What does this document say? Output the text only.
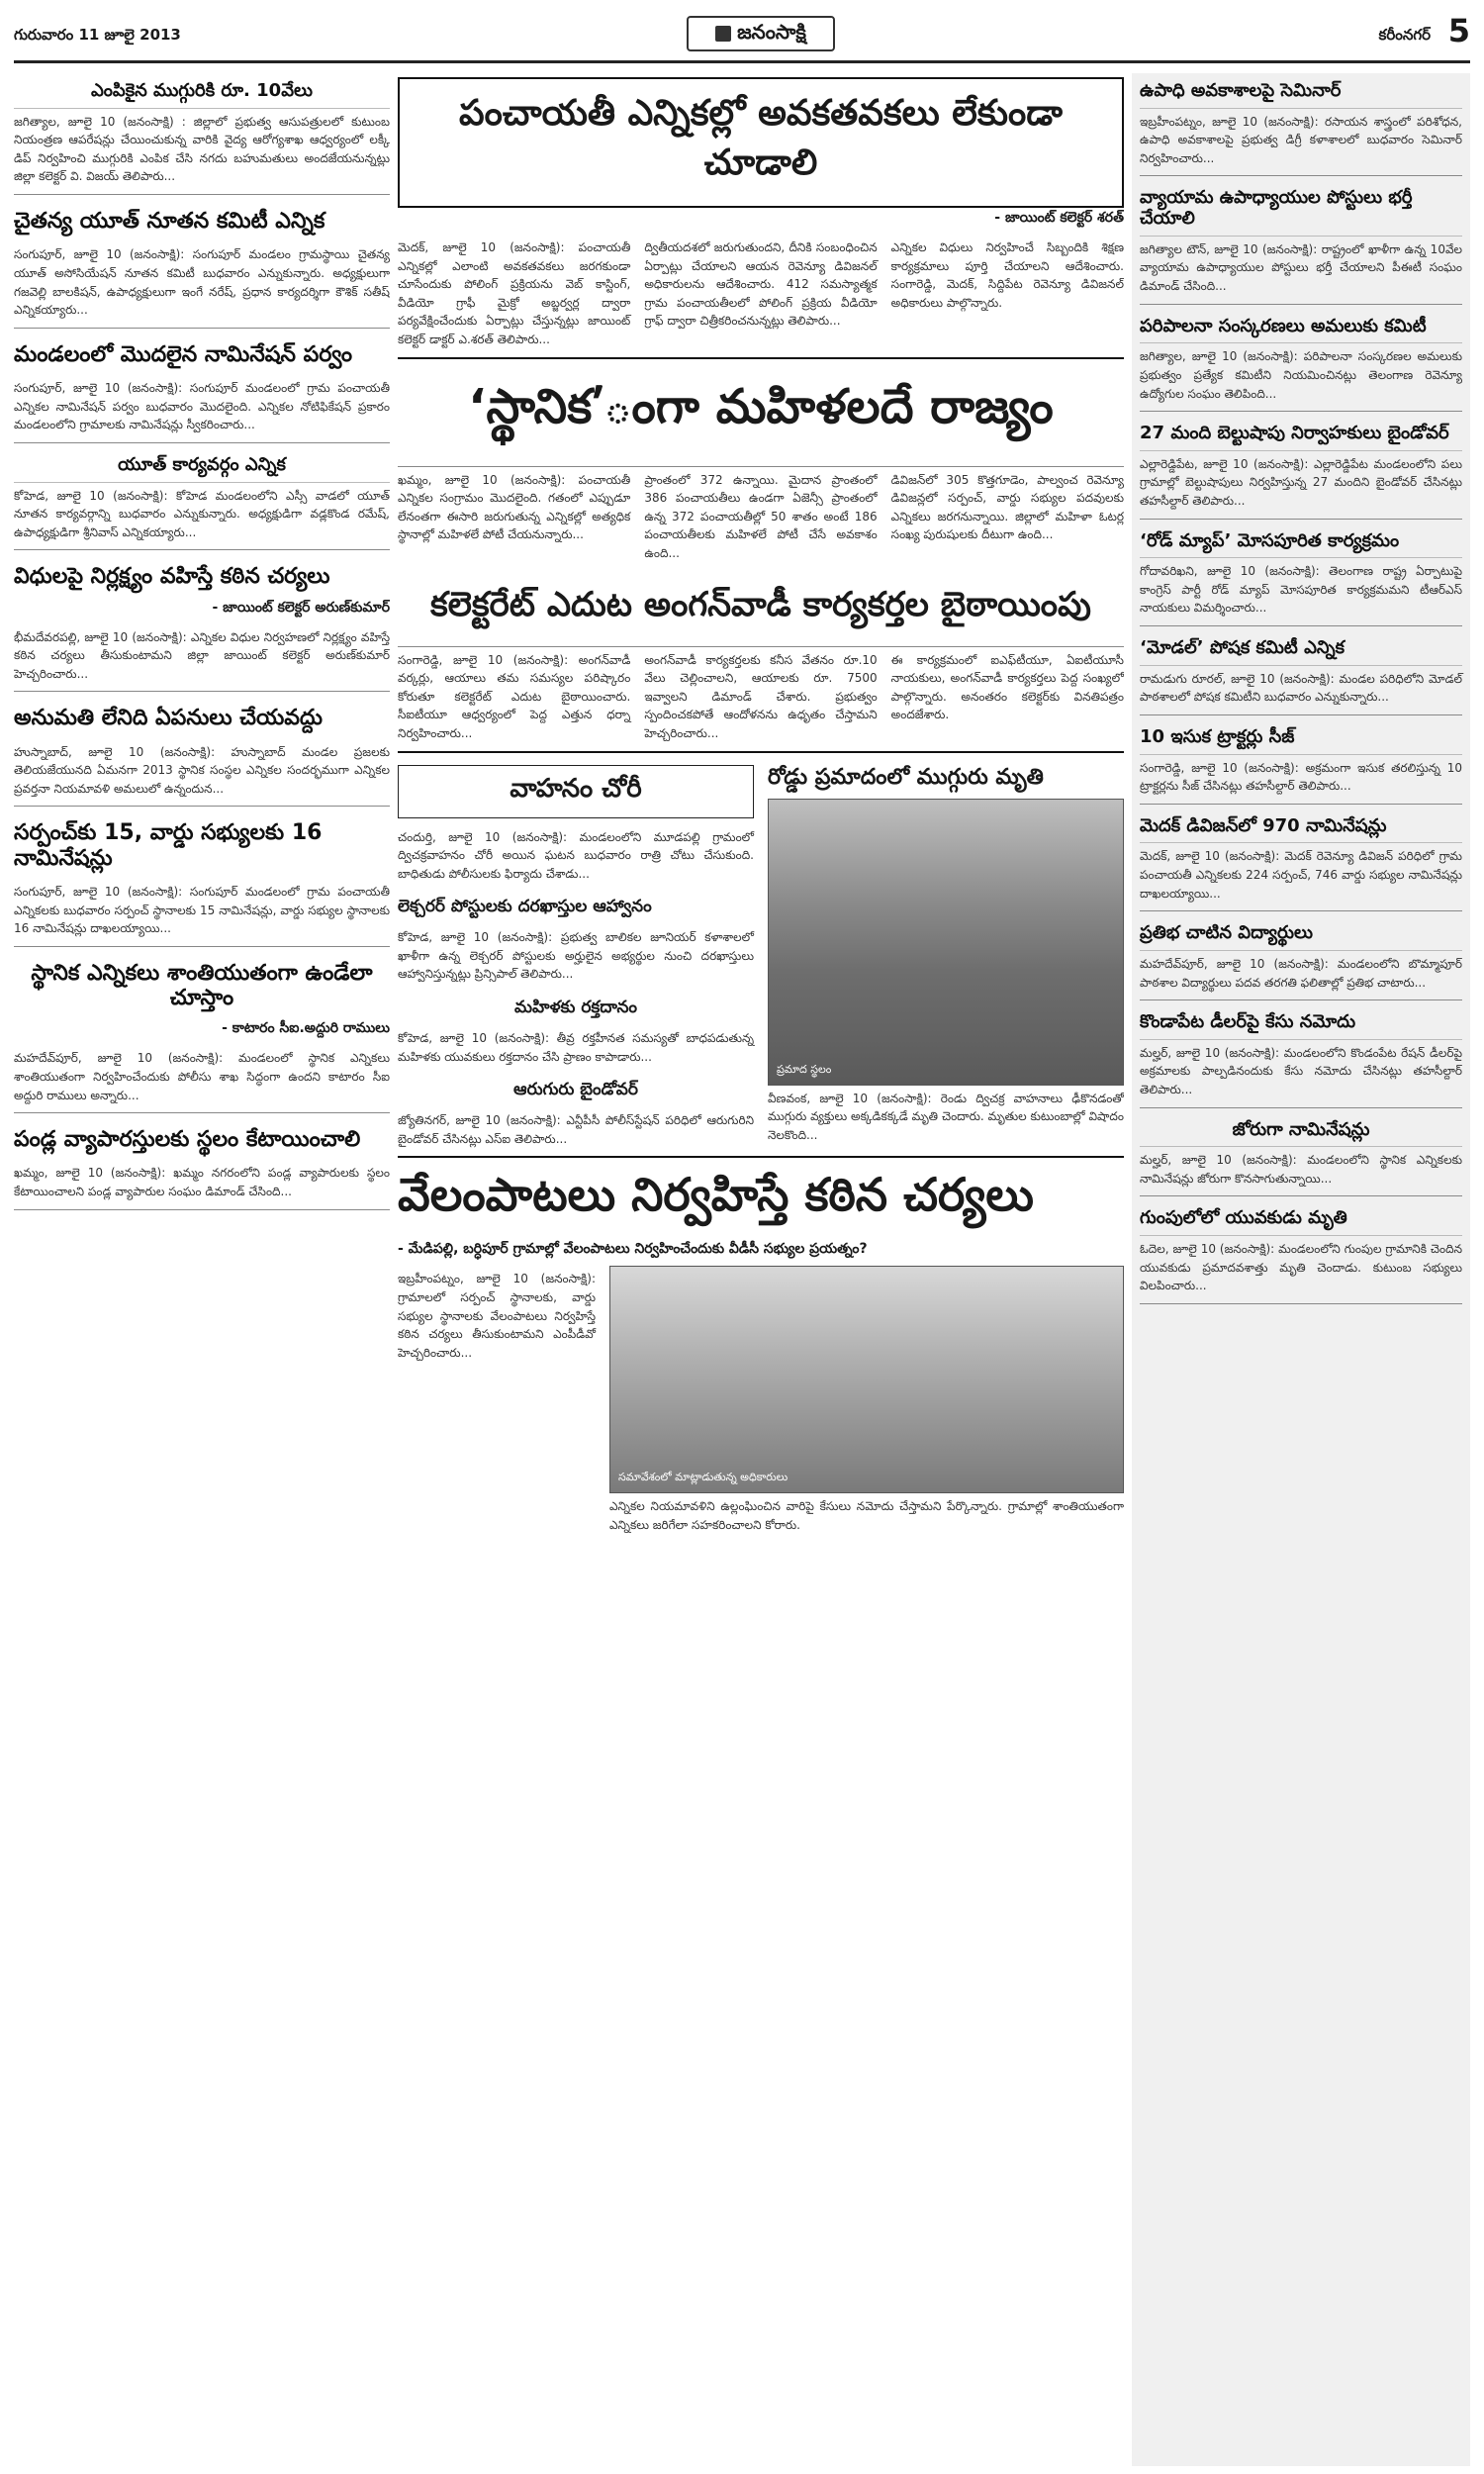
గురువారం 11 జూలై 2013	జనంసాక్షి	కరీంనగర్ 5
ఎంపికైన ముగ్గురికి రూ. 10వేలు
జగిత్యాల, జూలై 10 (జనంసాక్షి) : జిల్లాలో ప్రభుత్వ ఆసుపత్రులలో కుటుంబ నియంత్రణ ఆపరేషన్లు చేయించుకున్న వారికి వైద్య ఆరోగ్యశాఖ ఆధ్వర్యంలో లక్కీ డిప్ నిర్వహించి ముగ్గురికి ఎంపిక చేసి నగదు బహుమతులు అందజేయనున్నట్లు జిల్లా కలెక్టర్ వి. విజయ్ తెలిపారు...
చైతన్య యూత్ నూతన కమిటీ ఎన్నిక
సంగుపూర్, జూలై 10 (జనంసాక్షి): సంగుపూర్ మండలం గ్రామస్థాయి చైతన్య యూత్ అసోసియేషన్ నూతన కమిటీ బుధవారం ఎన్నుకున్నారు. అధ్యక్షులుగా గజవెల్లి బాలకిషన్, ఉపాధ్యక్షులుగా ఇంగే నరేష్, ప్రధాన కార్యదర్శిగా కౌశిక్ సతీష్ ఎన్నికయ్యారు...
మండలంలో మొదలైన నామినేషన్ పర్వం
సంగుపూర్, జూలై 10 (జనంసాక్షి): సంగుపూర్ మండలంలో గ్రామ పంచాయతీ ఎన్నికల నామినేషన్ పర్వం బుధవారం మొదలైంది. ఎన్నికల నోటిఫికేషన్ ప్రకారం మండలంలోని గ్రామాలకు నామినేషన్లు స్వీకరించారు...
యూత్ కార్యవర్గం ఎన్నిక
కోహెడ, జూలై 10 (జనంసాక్షి): కోహెడ మండలంలోని ఎస్సీ వాడలో యూత్ నూతన కార్యవర్గాన్ని బుధవారం ఎన్నుకున్నారు. అధ్యక్షుడిగా వడ్లకొండ రమేష్, ఉపాధ్యక్షుడిగా శ్రీనివాస్ ఎన్నికయ్యారు...
విధులపై నిర్లక్ష్యం వహిస్తే కఠిన చర్యలు
- జాయింట్ కలెక్టర్ అరుణ్‌కుమార్
భీమదేవరపల్లి, జూలై 10 (జనంసాక్షి): ఎన్నికల విధుల నిర్వహణలో నిర్లక్ష్యం వహిస్తే కఠిన చర్యలు తీసుకుంటామని జిల్లా జాయింట్ కలెక్టర్ అరుణ్‌కుమార్ హెచ్చరించారు...
అనుమతి లేనిది ఏపనులు చేయవద్దు
హుస్నాబాద్, జూలై 10 (జనంసాక్షి): హుస్నాబాద్ మండల ప్రజలకు తెలియజేయునది ఏమనగా 2013 స్థానిక సంస్థల ఎన్నికల సందర్భముగా ఎన్నికల ప్రవర్తనా నియమావళి అమలులో ఉన్నందున...
సర్పంచ్‌కు 15, వార్డు సభ్యులకు 16 నామినేషన్లు
సంగుపూర్, జూలై 10 (జనంసాక్షి): సంగుపూర్ మండలంలో గ్రామ పంచాయతీ ఎన్నికలకు బుధవారం సర్పంచ్ స్థానాలకు 15 నామినేషన్లు, వార్డు సభ్యుల స్థానాలకు 16 నామినేషన్లు దాఖలయ్యాయి...
స్థానిక ఎన్నికలు శాంతియుతంగా ఉండేలా చూస్తాం
- కాటారం సీఐ.అద్దురి రాములు
మహదేవ్‌పూర్, జూలై 10 (జనంసాక్షి): మండలంలో స్థానిక ఎన్నికలు శాంతియుతంగా నిర్వహించేందుకు పోలీసు శాఖ సిద్ధంగా ఉందని కాటారం సీఐ అద్దురి రాములు అన్నారు...
పండ్ల వ్యాపారస్తులకు స్థలం కేటాయించాలి
ఖమ్మం, జూలై 10 (జనంసాక్షి): ఖమ్మం నగరంలోని పండ్ల వ్యాపారులకు స్థలం కేటాయించాలని పండ్ల వ్యాపారుల సంఘం డిమాండ్ చేసింది...
పంచాయతీ ఎన్నికల్లో అవకతవకలు లేకుండా చూడాలి
- జాయింట్ కలెక్టర్ శరత్
మెదక్, జూలై 10 (జనంసాక్షి): పంచాయతీ ఎన్నికల్లో ఎలాంటి అవకతవకలు జరగకుండా చూసేందుకు పోలింగ్ ప్రక్రియను వెబ్ కాస్టింగ్, వీడియో గ్రాఫీ మైక్రో అబ్జర్వర్ల ద్వారా పర్యవేక్షించేందుకు ఏర్పాట్లు చేస్తున్నట్లు జాయింట్ కలెక్టర్ డాక్టర్ ఎ.శరత్ తెలిపారు...
ద్వితీయదశలో జరుగుతుందని, దీనికి సంబంధించిన ఏర్పాట్లు చేయాలని ఆయన రెవెన్యూ డివిజనల్ అధికారులను ఆదేశించారు. 412 సమస్యాత్మక గ్రామ పంచాయతీలలో పోలింగ్ ప్రక్రియ వీడియో గ్రాఫ్ ద్వారా చిత్రీకరించనున్నట్లు తెలిపారు...
ఎన్నికల విధులు నిర్వహించే సిబ్బందికి శిక్షణ కార్యక్రమాలు పూర్తి చేయాలని ఆదేశించారు. సంగారెడ్డి, మెదక్, సిద్దిపేట రెవెన్యూ డివిజనల్ అధికారులు పాల్గొన్నారు.
‘స్థానిక’ంగా మహిళలదే రాజ్యం
ఖమ్మం, జూలై 10 (జనంసాక్షి): పంచాయతీ ఎన్నికల సంగ్రామం మొదలైంది. గతంలో ఎప్పుడూ లేనంతగా ఈసారి జరుగుతున్న ఎన్నికల్లో అత్యధిక స్థానాల్లో మహిళలే పోటీ చేయనున్నారు...
ప్రాంతంలో 372 ఉన్నాయి. మైదాన ప్రాంతంలో 386 పంచాయతీలు ఉండగా ఏజెన్సీ ప్రాంతంలో ఉన్న 372 పంచాయతీల్లో 50 శాతం అంటే 186 పంచాయతీలకు మహిళలే పోటీ చేసే అవకాశం ఉంది...
డివిజన్‌లో 305 కొత్తగూడెం, పాల్వంచ రెవెన్యూ డివిజన్లలో సర్పంచ్, వార్డు సభ్యుల పదవులకు ఎన్నికలు జరగనున్నాయి. జిల్లాలో మహిళా ఓటర్ల సంఖ్య పురుషులకు దీటుగా ఉంది...
కలెక్టరేట్ ఎదుట అంగన్‌వాడీ కార్యకర్తల బైఠాయింపు
సంగారెడ్డి, జూలై 10 (జనంసాక్షి): అంగన్‌వాడీ వర్కర్లు, ఆయాలు తమ సమస్యల పరిష్కారం కోరుతూ కలెక్టరేట్ ఎదుట బైఠాయించారు. సీఐటీయూ ఆధ్వర్యంలో పెద్ద ఎత్తున ధర్నా నిర్వహించారు...
అంగన్‌వాడీ కార్యకర్తలకు కనీస వేతనం రూ.10 వేలు చెల్లించాలని, ఆయాలకు రూ. 7500 ఇవ్వాలని డిమాండ్ చేశారు. ప్రభుత్వం స్పందించకపోతే ఆందోళనను ఉధృతం చేస్తామని హెచ్చరించారు...
ఈ కార్యక్రమంలో ఐఎఫ్‌టీయూ, ఏఐటీయూసీ నాయకులు, అంగన్‌వాడీ కార్యకర్తలు పెద్ద సంఖ్యలో పాల్గొన్నారు. అనంతరం కలెక్టర్‌కు వినతిపత్రం అందజేశారు.
వాహనం చోరీ
చందుర్తి, జూలై 10 (జనంసాక్షి): మండలంలోని మూడపల్లి గ్రామంలో ద్విచక్రవాహనం చోరీ అయిన ఘటన బుధవారం రాత్రి చోటు చేసుకుంది. బాధితుడు పోలీసులకు ఫిర్యాదు చేశాడు...
లెక్చరర్ పోస్టులకు దరఖాస్తుల ఆహ్వానం
కోహెడ, జూలై 10 (జనంసాక్షి): ప్రభుత్వ బాలికల జూనియర్ కళాశాలలో ఖాళీగా ఉన్న లెక్చరర్ పోస్టులకు అర్హులైన అభ్యర్థుల నుంచి దరఖాస్తులు ఆహ్వానిస్తున్నట్లు ప్రిన్సిపాల్ తెలిపారు...
మహిళకు రక్తదానం
కోహెడ, జూలై 10 (జనంసాక్షి): తీవ్ర రక్తహీనత సమస్యతో బాధపడుతున్న మహిళకు యువకులు రక్తదానం చేసి ప్రాణం కాపాడారు...
ఆరుగురు బైండోవర్
జ్యోతినగర్, జూలై 10 (జనంసాక్షి): ఎన్టీపీసీ పోలీస్‌స్టేషన్ పరిధిలో ఆరుగురిని బైండోవర్ చేసినట్లు ఎస్‌ఐ తెలిపారు...
రోడ్డు ప్రమాదంలో ముగ్గురు మృతి
ప్రమాద స్థలం
వీణవంక, జూలై 10 (జనంసాక్షి): రెండు ద్విచక్ర వాహనాలు ఢీకొనడంతో ముగ్గురు వ్యక్తులు అక్కడికక్కడే మృతి చెందారు. మృతుల కుటుంబాల్లో విషాదం నెలకొంది...
వేలంపాటలు నిర్వహిస్తే కఠిన చర్యలు
- మేడిపల్లి, బర్ధిపూర్ గ్రామాల్లో వేలంపాటలు నిర్వహించేందుకు వీడీసీ సభ్యుల ప్రయత్నం?
ఇబ్రహీంపట్నం, జూలై 10 (జనంసాక్షి): గ్రామాలలో సర్పంచ్ స్థానాలకు, వార్డు సభ్యుల స్థానాలకు వేలంపాటలు నిర్వహిస్తే కఠిన చర్యలు తీసుకుంటామని ఎంపీడీవో హెచ్చరించారు...
సమావేశంలో మాట్లాడుతున్న అధికారులు
ఎన్నికల నియమావళిని ఉల్లంఘించిన వారిపై కేసులు నమోదు చేస్తామని పేర్కొన్నారు. గ్రామాల్లో శాంతియుతంగా ఎన్నికలు జరిగేలా సహకరించాలని కోరారు.
ఉపాధి అవకాశాలపై సెమినార్
ఇబ్రహీంపట్నం, జూలై 10 (జనంసాక్షి): రసాయన శాస్త్రంలో పరిశోధన, ఉపాధి అవకాశాలపై ప్రభుత్వ డిగ్రీ కళాశాలలో బుధవారం సెమినార్ నిర్వహించారు...
వ్యాయామ ఉపాధ్యాయుల పోస్టులు భర్తీ చేయాలి
జగిత్యాల టౌన్, జూలై 10 (జనంసాక్షి): రాష్ట్రంలో ఖాళీగా ఉన్న 10వేల వ్యాయామ ఉపాధ్యాయుల పోస్టులు భర్తీ చేయాలని పీఈటీ సంఘం డిమాండ్ చేసింది...
పరిపాలనా సంస్కరణలు అమలుకు కమిటీ
జగిత్యాల, జూలై 10 (జనంసాక్షి): పరిపాలనా సంస్కరణల అమలుకు ప్రభుత్వం ప్రత్యేక కమిటీని నియమించినట్లు తెలంగాణ రెవెన్యూ ఉద్యోగుల సంఘం తెలిపింది...
27 మంది బెల్టుషాపు నిర్వాహకులు బైండోవర్
ఎల్లారెడ్డిపేట, జూలై 10 (జనంసాక్షి): ఎల్లారెడ్డిపేట మండలంలోని పలు గ్రామాల్లో బెల్టుషాపులు నిర్వహిస్తున్న 27 మందిని బైండోవర్ చేసినట్లు తహసీల్దార్ తెలిపారు...
‘రోడ్ మ్యాప్’ మోసపూరిత కార్యక్రమం
గోదావరిఖని, జూలై 10 (జనంసాక్షి): తెలంగాణ రాష్ట్ర ఏర్పాటుపై కాంగ్రెస్ పార్టీ రోడ్ మ్యాప్ మోసపూరిత కార్యక్రమమని టీఆర్‌ఎస్ నాయకులు విమర్శించారు...
‘మోడల్’ పోషక కమిటీ ఎన్నిక
రామడుగు రూరల్, జూలై 10 (జనంసాక్షి): మండల పరిధిలోని మోడల్ పాఠశాలలో పోషక కమిటీని బుధవారం ఎన్నుకున్నారు...
10 ఇసుక ట్రాక్టర్లు సీజ్
సంగారెడ్డి, జూలై 10 (జనంసాక్షి): అక్రమంగా ఇసుక తరలిస్తున్న 10 ట్రాక్టర్లను సీజ్ చేసినట్లు తహసీల్దార్ తెలిపారు...
మెదక్ డివిజన్‌లో 970 నామినేషన్లు
మెదక్, జూలై 10 (జనంసాక్షి): మెదక్ రెవెన్యూ డివిజన్ పరిధిలో గ్రామ పంచాయతీ ఎన్నికలకు 224 సర్పంచ్, 746 వార్డు సభ్యుల నామినేషన్లు దాఖలయ్యాయి...
ప్రతిభ చాటిన విద్యార్థులు
మహదేవ్‌పూర్, జూలై 10 (జనంసాక్షి): మండలంలోని బొమ్మాపూర్ పాఠశాల విద్యార్థులు పదవ తరగతి ఫలితాల్లో ప్రతిభ చాటారు...
కొండాపేట డీలర్‌పై కేసు నమోదు
మల్హర్, జూలై 10 (జనంసాక్షి): మండలంలోని కొండంపేట రేషన్ డీలర్‌పై అక్రమాలకు పాల్పడినందుకు కేసు నమోదు చేసినట్లు తహసీల్దార్ తెలిపారు...
జోరుగా నామినేషన్లు
మల్హర్, జూలై 10 (జనంసాక్షి): మండలంలోని స్థానిక ఎన్నికలకు నామినేషన్లు జోరుగా కొనసాగుతున్నాయి...
గుంపులోలో యువకుడు మృతి
ఓదెల, జూలై 10 (జనంసాక్షి): మండలంలోని గుంపుల గ్రామానికి చెందిన యువకుడు ప్రమాదవశాత్తు మృతి చెందాడు. కుటుంబ సభ్యులు విలపించారు...
